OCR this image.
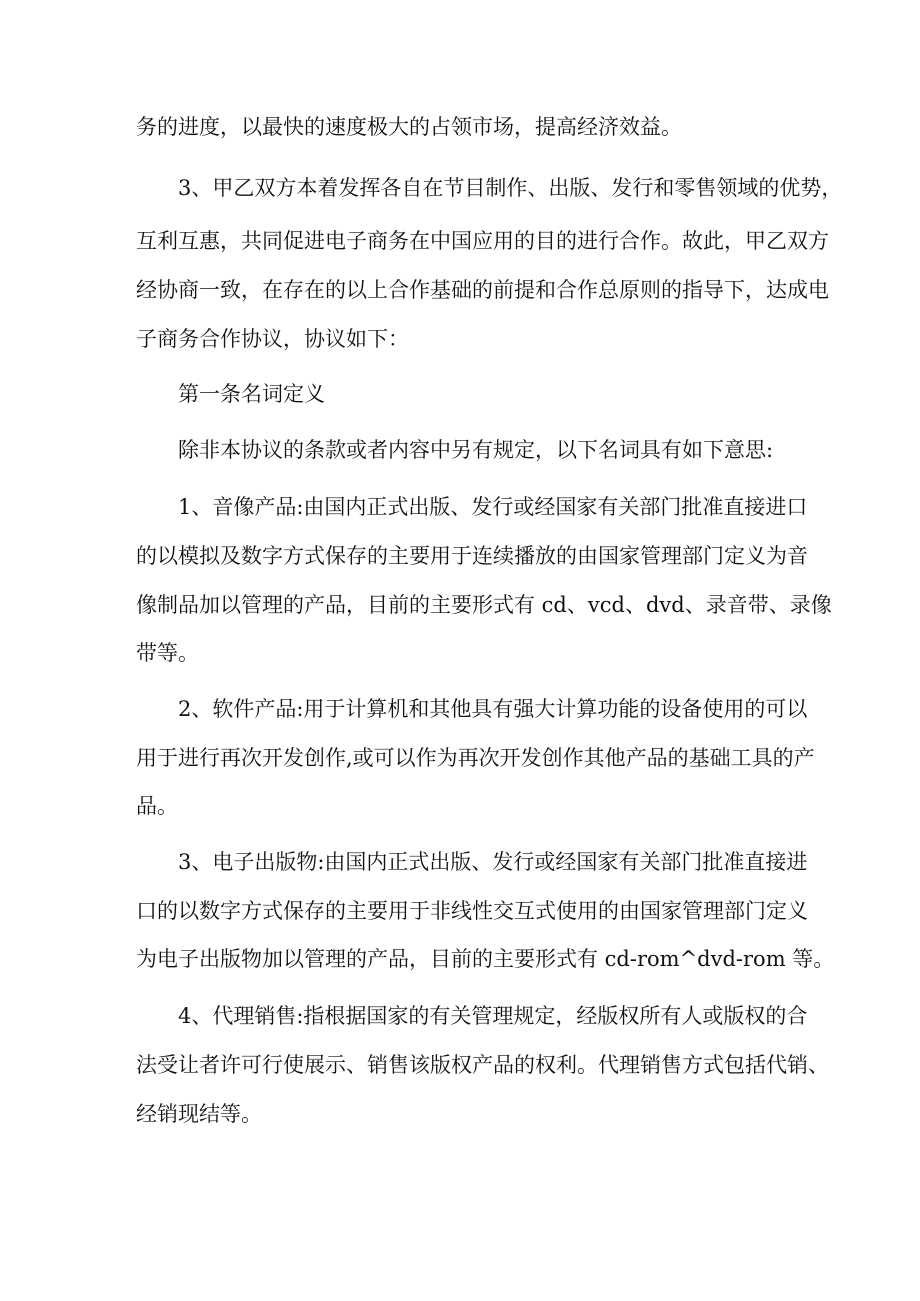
务的进度，以最快的速度极大的占领市场，提高经济效益。
3、甲乙双方本着发挥各自在节目制作、出版、发行和零售领域的优势，
互利互惠，共同促进电子商务在中国应用的目的进行合作。故此，甲乙双方
经协商一致，在存在的以上合作基础的前提和合作总原则的指导下，达成电
子商务合作协议，协议如下：
第一条名词定义
除非本协议的条款或者内容中另有规定，以下名词具有如下意思:
1、音像产品:由国内正式出版、发行或经国家有关部门批准直接进口
的以模拟及数字方式保存的主要用于连续播放的由国家管理部门定义为音
像制品加以管理的产品，目前的主要形式有 cd、vcd、dvd、录音带、录像
带等。
2、软件产品:用于计算机和其他具有强大计算功能的设备使用的可以
用于进行再次开发创作,或可以作为再次开发创作其他产品的基础工具的产
品。
3、电子出版物:由国内正式出版、发行或经国家有关部门批准直接进
口的以数字方式保存的主要用于非线性交互式使用的由国家管理部门定义
为电子出版物加以管理的产品，目前的主要形式有 cd-rom^dvd-rom 等。
4、代理销售:指根据国家的有关管理规定，经版权所有人或版权的合
法受让者许可行使展示、销售该版权产品的权利。代理销售方式包括代销、
经销现结等。
